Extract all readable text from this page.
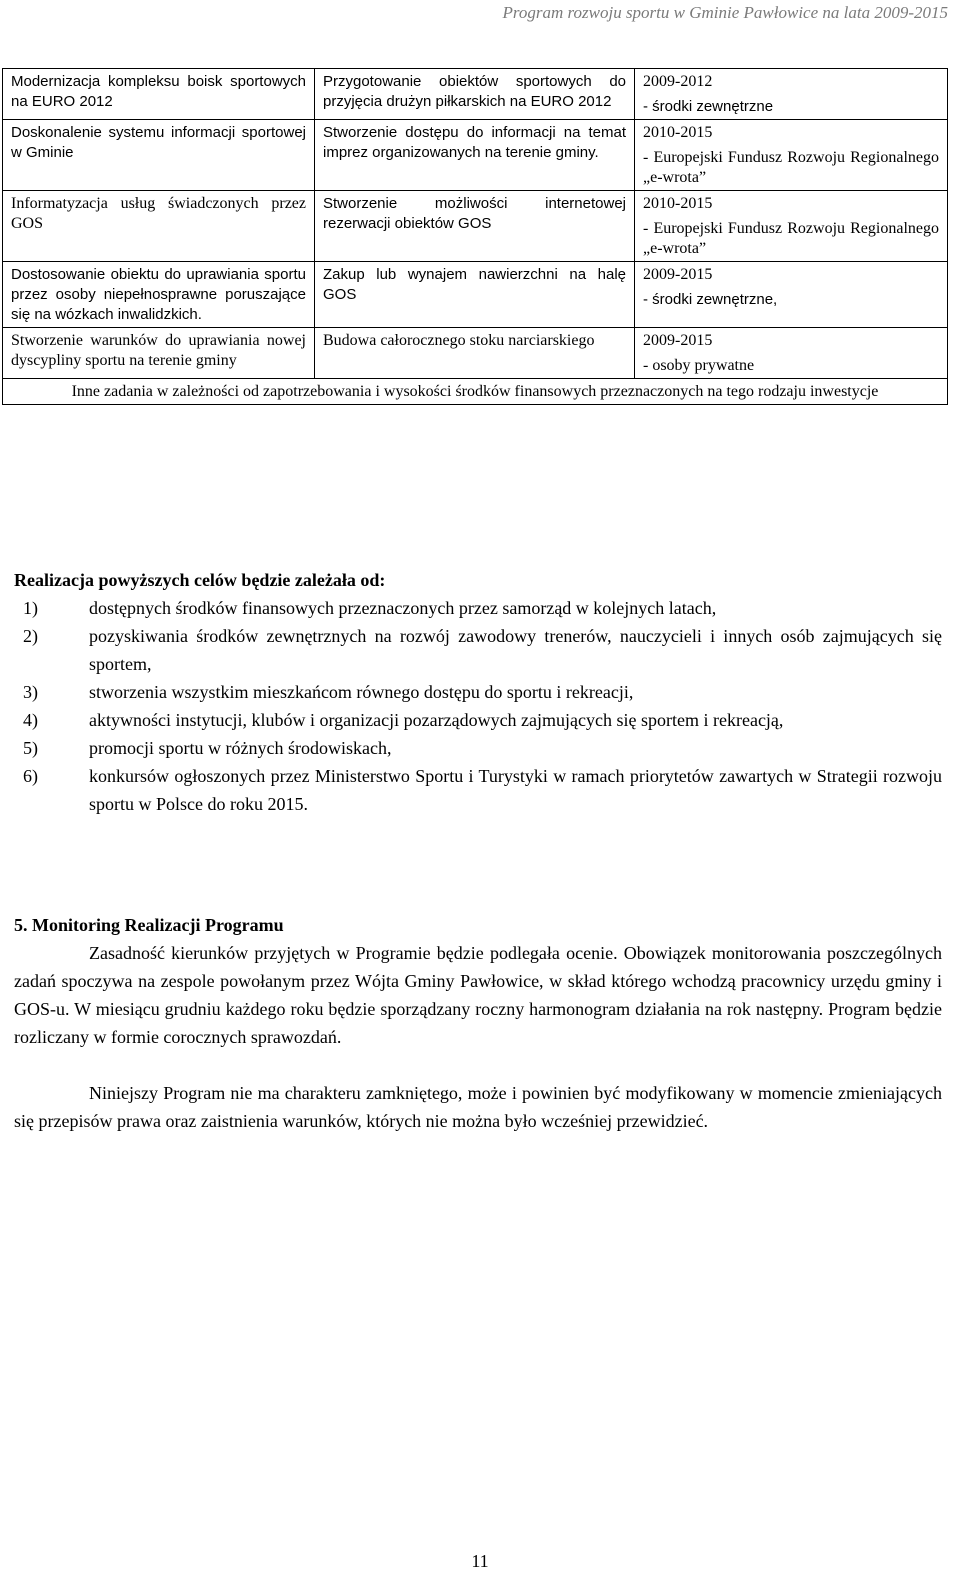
Program rozwoju sportu w Gminie Pawłowice na lata 2009-2015
Modernizacja kompleksu boisk sportowych na EURO 2012	Przygotowanie obiektów sportowych do przyjęcia drużyn piłkarskich na EURO 2012	2009-2012
- środki zewnętrzne

Doskonalenie systemu informacji sportowej w Gminie	Stworzenie dostępu do informacji na temat imprez organizowanych na terenie gminy.	2010-2015
- Europejski Fundusz Rozwoju Regionalnego „e-wrota”

Informatyzacja usług świadczonych przez GOS	Stworzenie możliwości internetowej rezerwacji obiektów GOS	2010-2015
- Europejski Fundusz Rozwoju Regionalnego „e-wrota”

Dostosowanie obiektu do uprawiania sportu przez osoby niepełnosprawne poruszające się na wózkach inwalidzkich.	Zakup lub wynajem nawierzchni na halę GOS	2009-2015
- środki zewnętrzne,

Stworzenie warunków do uprawiania nowej dyscypliny sportu na terenie gminy	Budowa całorocznego stoku narciarskiego	2009-2015
- osoby prywatne

Inne zadania w zależności od zapotrzebowania i wysokości środków finansowych przeznaczonych na tego rodzaju inwestycje		
Realizacja powyższych celów będzie zależała od:
1)	dostępnych środków finansowych przeznaczonych przez samorząd w kolejnych latach,
2)	pozyskiwania środków zewnętrznych na rozwój zawodowy trenerów, nauczycieli i innych osób zajmujących się sportem,
3)	stworzenia wszystkim mieszkańcom równego dostępu do sportu i rekreacji,
4)	aktywności instytucji, klubów i organizacji pozarządowych zajmujących się sportem i rekreacją,
5)	promocji sportu w różnych środowiskach,
6)	konkursów ogłoszonych przez Ministerstwo Sportu i Turystyki w ramach priorytetów zawartych w Strategii rozwoju sportu w Polsce do roku 2015.
5. Monitoring Realizacji Programu

Zasadność kierunków przyjętych w Programie będzie podlegała ocenie. Obowiązek monitorowania poszczególnych zadań spoczywa na zespole powołanym przez Wójta Gminy Pawłowice, w skład którego wchodzą pracownicy urzędu gminy i GOS-u. W miesiącu grudniu każdego roku będzie sporządzany roczny harmonogram działania na rok następny. Program będzie rozliczany w formie corocznych sprawozdań.

Niniejszy Program nie ma charakteru zamkniętego, może i powinien być modyfikowany w momencie zmieniających się przepisów prawa oraz zaistnienia warunków, których nie można było wcześniej przewidzieć.

11
